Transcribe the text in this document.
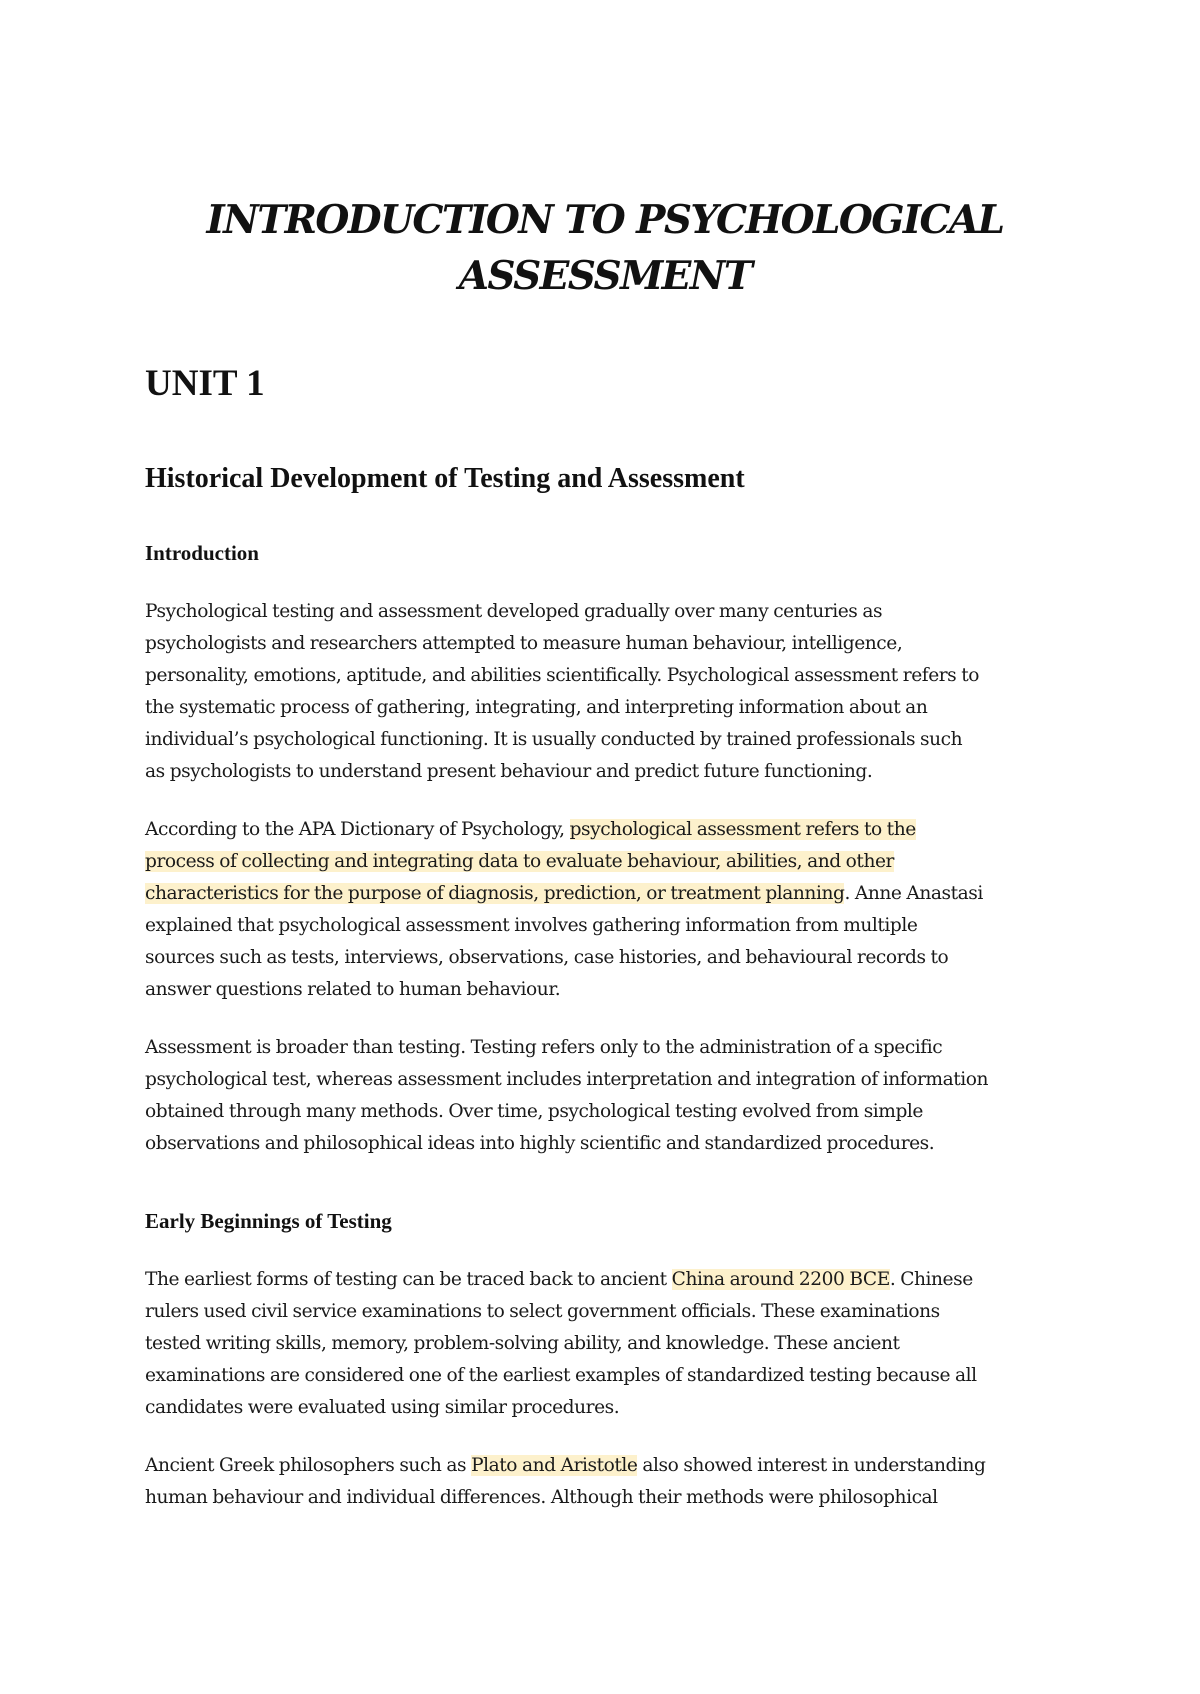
INTRODUCTION TO PSYCHOLOGICAL
ASSESSMENT
UNIT 1
Historical Development of Testing and Assessment
Introduction

Psychological testing and assessment developed gradually over many centuries as
psychologists and researchers attempted to measure human behaviour, intelligence,
personality, emotions, aptitude, and abilities scientifically. Psychological assessment refers to
the systematic process of gathering, integrating, and interpreting information about an
individual’s psychological functioning. It is usually conducted by trained professionals such
as psychologists to understand present behaviour and predict future functioning.

According to the APA Dictionary of Psychology, psychological assessment refers to the
process of collecting and integrating data to evaluate behaviour, abilities, and other
characteristics for the purpose of diagnosis, prediction, or treatment planning. Anne Anastasi
explained that psychological assessment involves gathering information from multiple
sources such as tests, interviews, observations, case histories, and behavioural records to
answer questions related to human behaviour.

Assessment is broader than testing. Testing refers only to the administration of a specific
psychological test, whereas assessment includes interpretation and integration of information
obtained through many methods. Over time, psychological testing evolved from simple
observations and philosophical ideas into highly scientific and standardized procedures.

Early Beginnings of Testing

The earliest forms of testing can be traced back to ancient China around 2200 BCE. Chinese
rulers used civil service examinations to select government officials. These examinations
tested writing skills, memory, problem-solving ability, and knowledge. These ancient
examinations are considered one of the earliest examples of standardized testing because all
candidates were evaluated using similar procedures.

Ancient Greek philosophers such as Plato and Aristotle also showed interest in understanding
human behaviour and individual differences. Although their methods were philosophical
